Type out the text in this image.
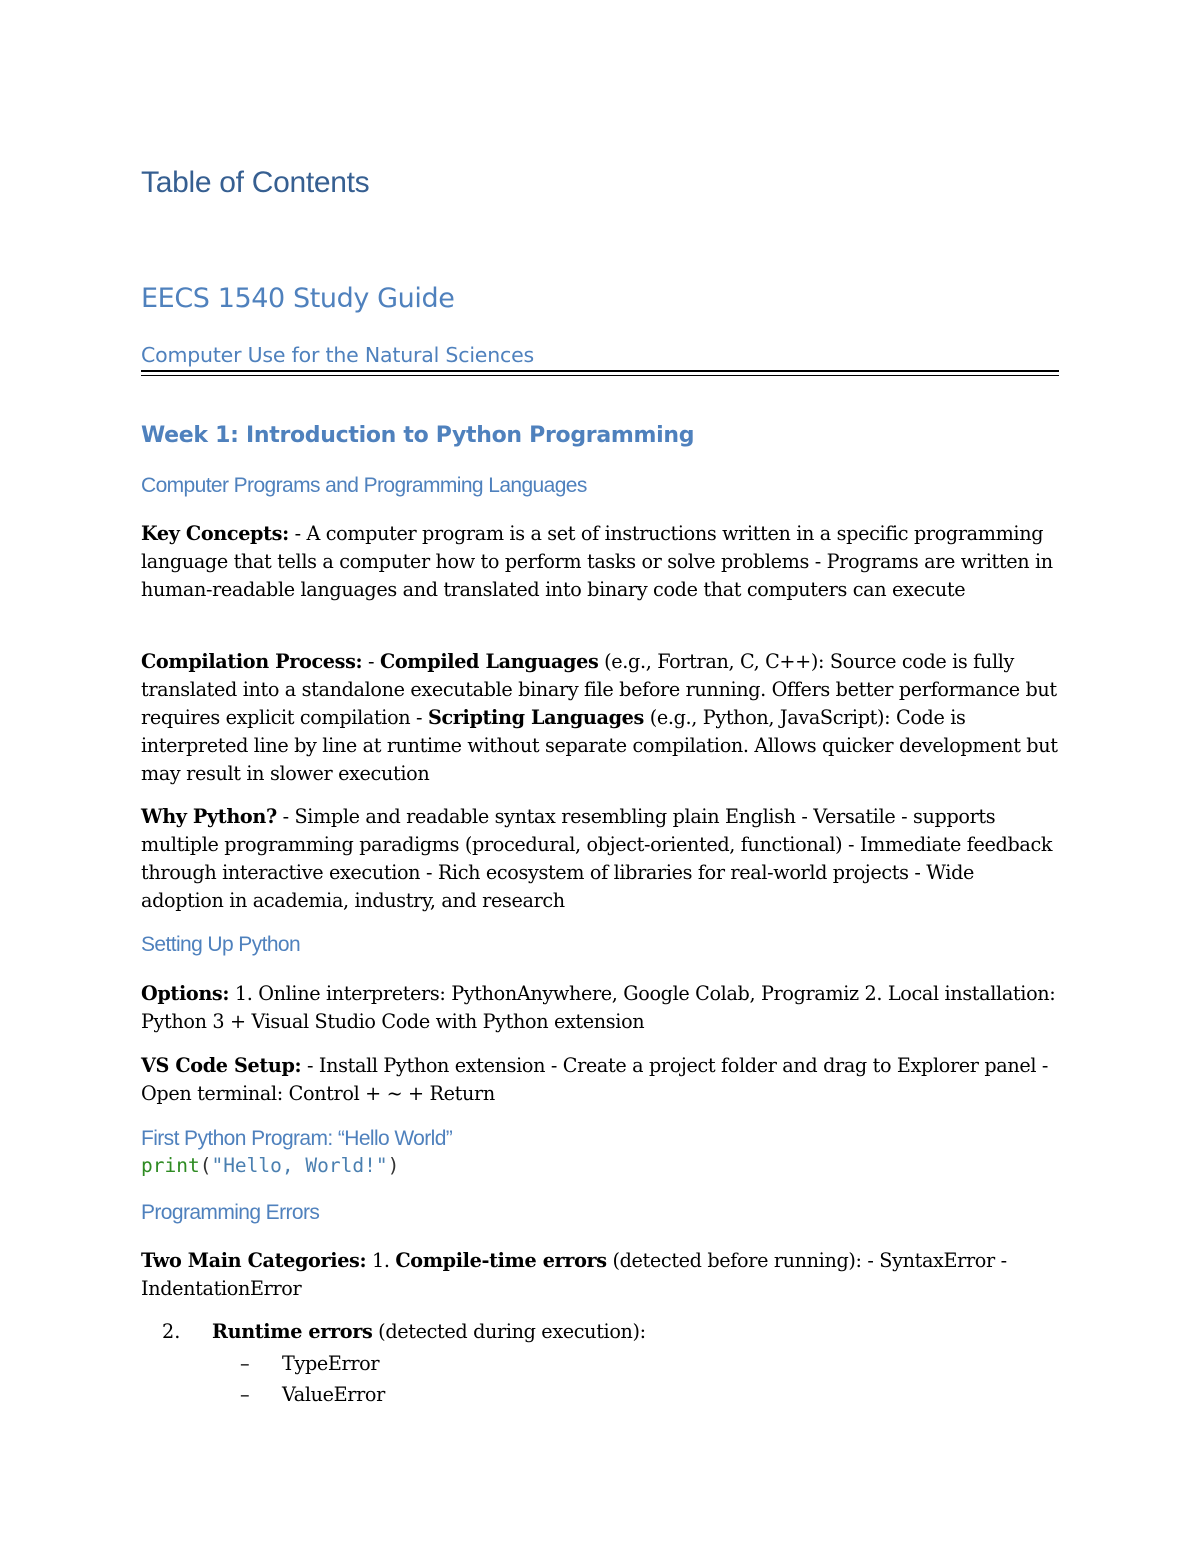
Table of Contents
EECS 1540 Study Guide
Computer Use for the Natural Sciences
Week 1: Introduction to Python Programming
Computer Programs and Programming Languages
Key Concepts: - A computer program is a set of instructions written in a specific programming language that tells a computer how to perform tasks or solve problems - Programs are written in human-readable languages and translated into binary code that computers can execute
Compilation Process: - Compiled Languages (e.g., Fortran, C, C++): Source code is fully translated into a standalone executable binary file before running. Offers better performance but requires explicit compilation - Scripting Languages (e.g., Python, JavaScript): Code is interpreted line by line at runtime without separate compilation. Allows quicker development but may result in slower execution
Why Python? - Simple and readable syntax resembling plain English - Versatile - supports multiple programming paradigms (procedural, object-oriented, functional) - Immediate feedback through interactive execution - Rich ecosystem of libraries for real-world projects - Wide adoption in academia, industry, and research
Setting Up Python
Options: 1. Online interpreters: PythonAnywhere, Google Colab, Programiz 2. Local installation: Python 3 + Visual Studio Code with Python extension
VS Code Setup: - Install Python extension - Create a project folder and drag to Explorer panel - Open terminal: Control + ~ + Return
First Python Program: “Hello World”
print("Hello, World!")
Programming Errors
Two Main Categories: 1. Compile-time errors (detected before running): - SyntaxError - IndentationError
2. Runtime errors (detected during execution):
– TypeError
– ValueError
